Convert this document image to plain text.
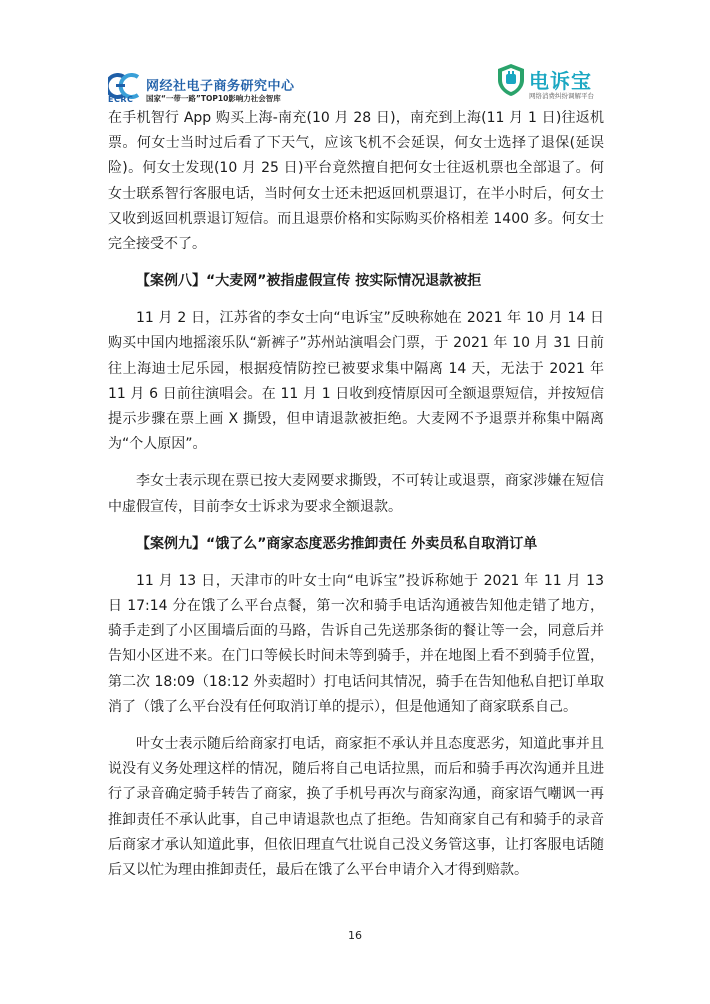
ECRC
网经社电子商务研究中心
国家“一带一路”TOP10影响力社会智库
电诉宝
网络消费纠纷调解平台

在手机智行 App 购买上海-南充(10 月 28 日)，南充到上海(11 月 1 日)往返机票。何女士当时过后看了下天气，应该飞机不会延误，何女士选择了退保(延误险)。何女士发现(10 月 25 日)平台竟然擅自把何女士往返机票也全部退了。何女士联系智行客服电话，当时何女士还未把返回机票退订，在半小时后，何女士又收到返回机票退订短信。而且退票价格和实际购买价格相差 1400 多。何女士完全接受不了。

【案例八】“大麦网”被指虚假宣传 按实际情况退款被拒

11 月 2 日，江苏省的李女士向“电诉宝”反映称她在 2021 年 10 月 14 日购买中国内地摇滚乐队“新裤子”苏州站演唱会门票，于 2021 年 10 月 31 日前往上海迪士尼乐园，根据疫情防控已被要求集中隔离 14 天，无法于 2021 年 11 月 6 日前往演唱会。在 11 月 1 日收到疫情原因可全额退票短信，并按短信提示步骤在票上画 X 撕毁，但申请退款被拒绝。大麦网不予退票并称集中隔离为“个人原因”。

李女士表示现在票已按大麦网要求撕毁，不可转让或退票，商家涉嫌在短信中虚假宣传，目前李女士诉求为要求全额退款。

【案例九】“饿了么”商家态度恶劣推卸责任 外卖员私自取消订单

11 月 13 日，天津市的叶女士向“电诉宝”投诉称她于 2021 年 11 月 13 日 17:14 分在饿了么平台点餐，第一次和骑手电话沟通被告知他走错了地方，骑手走到了小区围墙后面的马路，告诉自己先送那条街的餐让等一会，同意后并告知小区进不来。在门口等候长时间未等到骑手，并在地图上看不到骑手位置，第二次 18:09（18:12 外卖超时）打电话问其情况，骑手在告知他私自把订单取消了（饿了么平台没有任何取消订单的提示），但是他通知了商家联系自己。

叶女士表示随后给商家打电话，商家拒不承认并且态度恶劣，知道此事并且说没有义务处理这样的情况，随后将自己电话拉黑，而后和骑手再次沟通并且进行了录音确定骑手转告了商家，换了手机号再次与商家沟通，商家语气嘲讽一再推卸责任不承认此事，自己申请退款也点了拒绝。告知商家自己有和骑手的录音后商家才承认知道此事，但依旧理直气壮说自己没义务管这事，让打客服电话随后又以忙为理由推卸责任，最后在饿了么平台申请介入才得到赔款。

16
